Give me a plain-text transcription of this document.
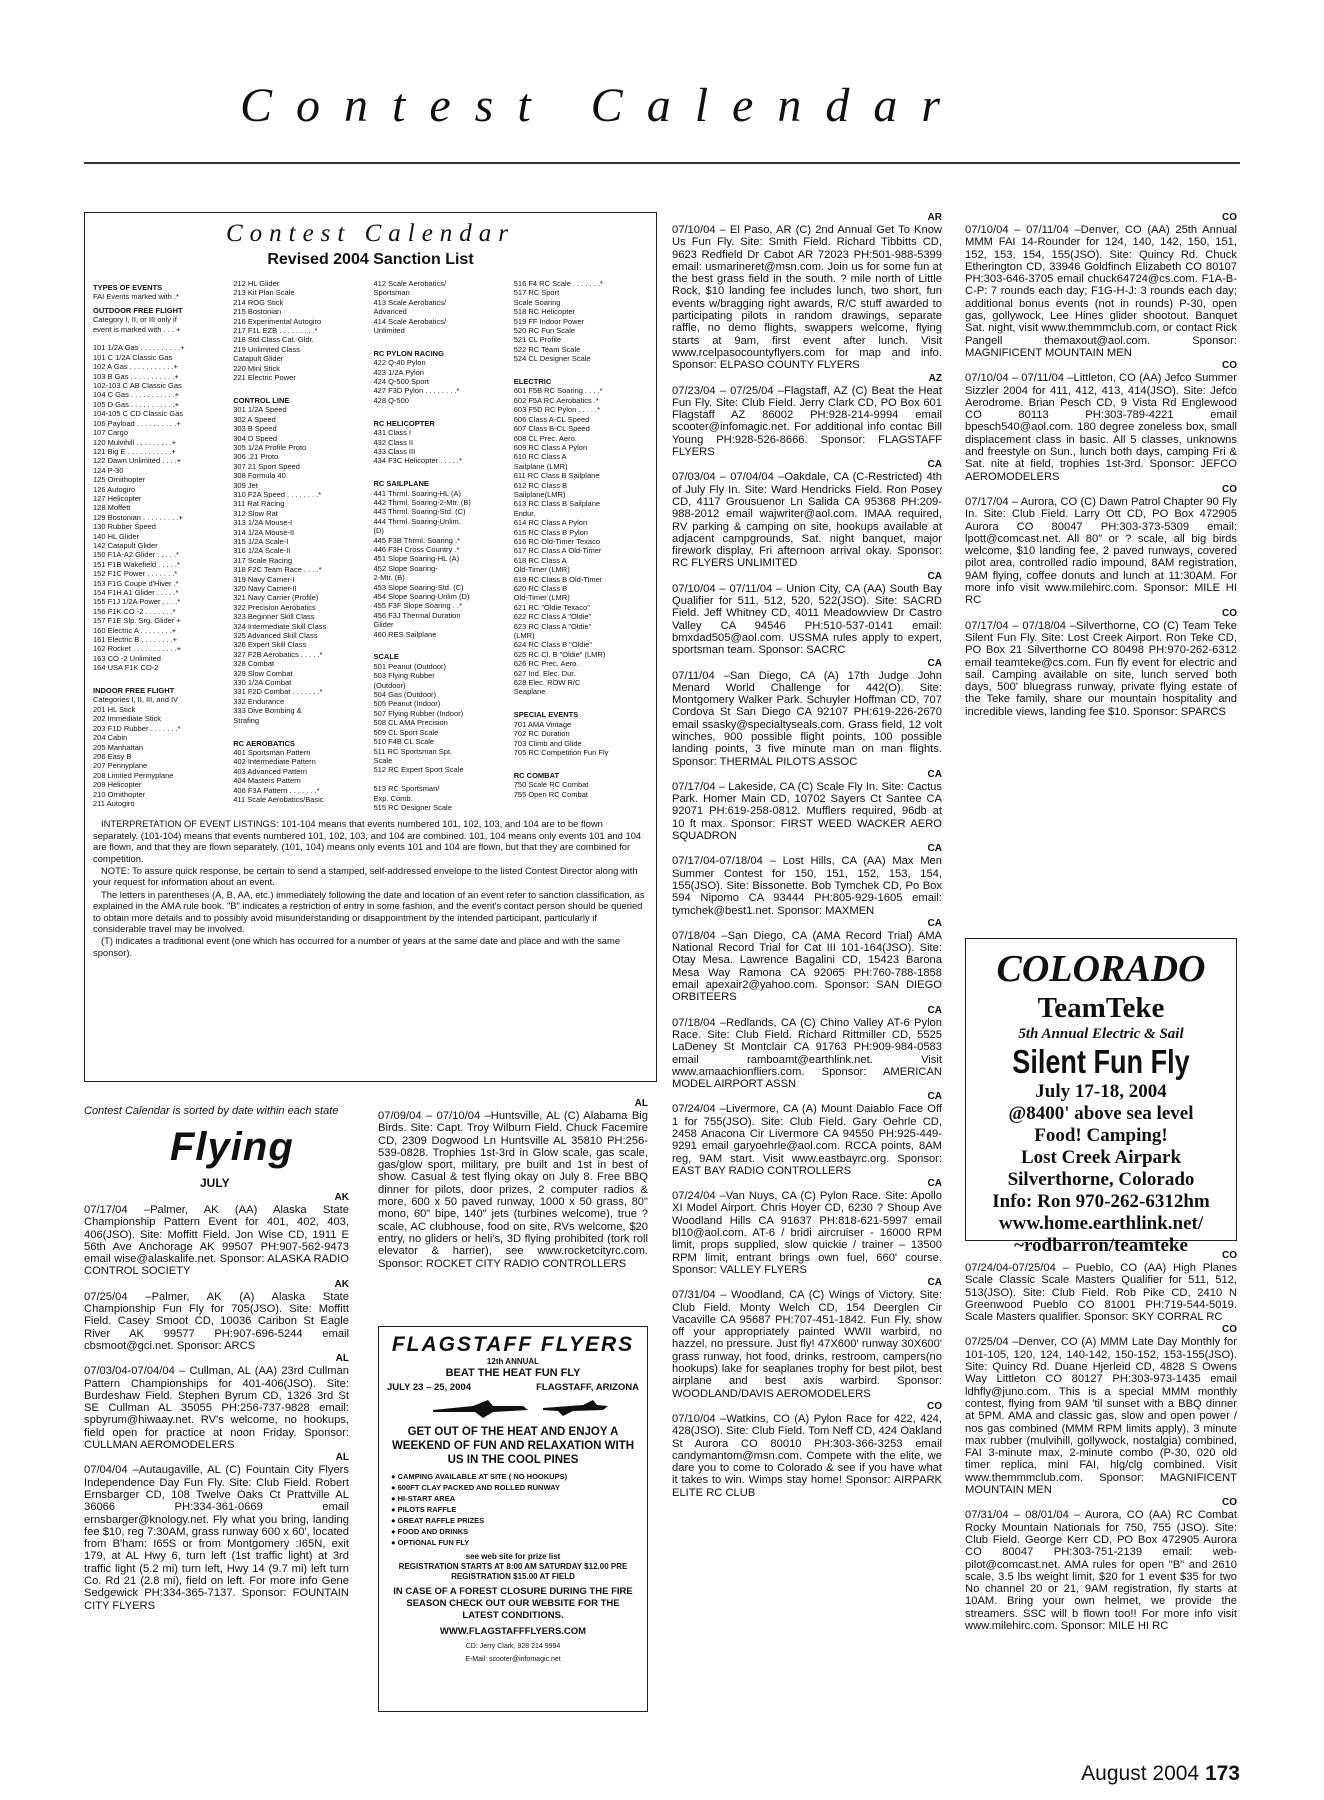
Contest Calendar
Contest Calendar
Revised 2004 Sanction List
TYPES OF EVENTS
FAI Events marked with .*
OUTDOOR FREE FLIGHT
Category I, II, or III only if
event is marked with . . . +

101 1/2A Gas . . . . . . . . . .+
101 C 1/2A Classic Gas
102 A Gas . . . . . . . . . . .+
103 B Gas . . . . . . . . . . .+
102-103 C AB Classic Gas
104 C Gas . . . . . . . . . . .+
105 D Gas . . . . . . . . . . .+
104-105 C CD Classic Gas
106 Payload . . . . . . . . . .+
107 Cargo
120 Mulvihill . . . . . . . . .+
121 Big E . . . . . . . . . . .+
122 Dawn Unlimited . . . .+
124 P-30
125 Ornithopter
126 Autogiro
127 Helicopter
128 Moffett
129 Bostonian . . . . . . . . .+
130 Rubber Speed
140 HL Glider
142 Catapult Glider
150 F1A-A2 Glider . . . . .*
151 F1B Wakefield . . . . .*
152 F1C Power . . . . . . .*
153 F1G Coupe d'Hiver .*
154 F1H A1 Glider . . . . .*
155 F1J 1/2A Power . . . .*
156 F1K CO -2 . . . . . . .*
157 F1E Slp. Srg. Glider +
160 Electric A . . . . . . . .+
161 Electric B . . . . . . . .+
162 Rocket . . . . . . . . . . .+
163 CO -2 Unlimited
164 USA F1K CO-2

INDOOR FREE FLIGHT
Categories I, II, III, and IV
201 HL Stick
202 Immediate Stick
203 F1D Rubber . . . . . . .*
204 Cabin
205 Manhattan
206 Easy B
207 Pennyplane
208 Limited Pennyplane
209 Helicopter
210 Ornithopter
211 Autogiro
212 HL Glider
213 Kit Plan Scale
214 ROG Stick
215 Bostonian
216 Experimental Autogiro
217 F1L EZB . . . . . . . . .*
218 Std Class Cat. Gldr.
219 Unlimited Class
Catapult Glider
220 Mini Stick
221 Electric Power

CONTROL LINE
301 1/2A Speed
302 A Speed
303 B Speed
304 D Speed
305 1/2A Profile Proto
306 .21 Proto
307 21 Sport Speed
308 Formula 40
309 Jet
310 F2A Speed . . . . . . . .*
311 Rat Racing
312 Slow Rat
313 1/2A Mouse-I
314 1/2A Mouse-II
315 1/2A Scale-I
316 1/2A Scale-II
317 Scale Racing
318 F2C Team Race . . . .*
319 Navy Carrier-I
320 Navy Carrier-II
321 Navy Carrier (Profile)
322 Precision Aerobatics
323 Beginner Skill Class
324 Intermediate Skill Class
325 Advanced Skill Class
326 Expert Skill Class
327 F2B Aerobatics . . . . .*
328 Combat
329 Slow Combat
330 1/2A Combat
331 F2D Combat . . . . . . .*
332 Endurance
333 Dive Bombing &
Strafing

RC AEROBATICS
401 Sportsman Pattern
402 Intermediate Pattern
403 Advanced Pattern
404 Masters Pattern
406 F3A Pattern . . . . . . .*
411 Scale Aerobatics/Basic
412 Scale Aerobatics/
Sportsman
413 Scale Aerobatics/
Advanced
414 Scale Aerobatics/
Unlimited

RC PYLON RACING
422 Q-40 Pylon
423 1/2A Pylon
424 Q-500 Sport
427 F3D Pylon . . . . . . . .*
428 Q-500

RC HELICOPTER
431 Class I
432 Class II
433 Class III
434 F3C Helicopter . . . . .*

RC SAILPLANE
441 Thrml. Soaring-HL (A)
442 Thrml. Soaring-2-Mtr. (B)
443 Thrml. Soaring-Std. (C)
444 Thrml. Soaring-Unlim.
(D)
445 F3B Thrml. Soaring .*
446 F3H Cross Country .*
451 Slope Soaring-HL (A)
452 Slope Soaring-
2-Mtr. (B)
453 Slope Soaring-Std. (C)
454 Slope Soaring-Unlim (D)
455 F3F Slope Soaring . .*
456 F3J Thermal Duration
Glider
460 RES Sailplane

SCALE
501 Peanut (Outdoor)
503 Flying Rubber
(Outdoor)
504 Gas (Outdoor)
505 Peanut (Indoor)
507 Flying Rubber (Indoor)
508 CL AMA Precision
509 CL Sport Scale
510 F4B CL Scale
511 RC Sportsman Spt.
Scale
512 RC Expert Sport Scale

513 RC Sportsman/
Exp. Comb.
515 RC Designer Scale
516 F4 RC Scale . . . . . . .*
517 RC Sport
Scale Soaring
518 RC Helicopter
519 FF Indoor Power
520 RC Fun Scale
521 CL Profile
522 RC Team Scale
524 CL Designer Scale

ELECTRIC
601 F5B RC Soaring . . . .*
602 F5A RC Aerobatics .*
603 F5D RC Pylon . . . . .*
606 Class A-CL Speed
607 Class B-CL Speed
608 CL Prec. Aero.
609 RC Class A Pylon
610 RC Class A
Sailplane (LMR)
611 RC Class B Sailplane
612 RC Class B
Sailplane(LMR)
613 RC Class B Sailplane
Endur.
614 RC Class A Pylon
615 RC Class B Pylon
616 RC Old-Timer Texaco
617 RC Class A Old-Timer
618 RC Class A
Old-Timer (LMR)
619 RC Class B Old-Timer
620 RC Class B
Old-Timer (LMR)
621 RC "Oldie Texaco"
622 RC Class A "Oldie"
623 RC Class A "Oldie"
(LMR)
624 RC Class B "Oldie"
625 RC Cl. B "Oldie" (LMR)
626 RC Prec. Aero.
627 Ind. Elec. Dur.
628 Elec. ROW R/C
Seaplane

SPECIAL EVENTS
701 AMA Vintage
702 RC Duration
703 Climb and Glide
705 RC Competition Fun Fly

RC COMBAT
750 Scale RC Combat
755 Open RC Combat

INTERPRETATION OF EVENT LISTINGS: 101-104 means that events numbered 101, 102, 103, and 104 are to be flown separately. (101-104) means that events numbered 101, 102, 103, and 104 are combined. 101, 104 means only events 101 and 104 are flown, and that they are flown separately. (101, 104) means only events 101 and 104 are flown, but that they are combined for competition.

NOTE: To assure quick response, be certain to send a stamped, self-addressed envelope to the listed Contest Director along with your request for information about an event.

The letters in parentheses (A, B, AA, etc.) immediately following the date and location of an event refer to sanction classification, as explained in the AMA rule book. "B" indicates a restriction of entry in some fashion, and the event's contact person should be queried to obtain more details and to possibly avoid misunderstanding or disappointment by the intended participant, particularly if considerable travel may be involved.

(T) indicates a traditional event (one which has occurred for a number of years at the same date and place and with the same sponsor).

Contest Calendar is sorted by date within each state
Flying
JULY
AK
07/17/04 –Palmer, AK (AA) Alaska State Championship Pattern Event for 401, 402, 403, 406(JSO). Site: Moffitt Field. Jon Wise CD, 1911 E 56th Ave Anchorage AK 99507 PH:907-562-9473 email wise@alaskalife.net. Sponsor: ALASKA RADIO CONTROL SOCIETY
AK
07/25/04 –Palmer, AK (A) Alaska State Championship Fun Fly for 705(JSO). Site: Moffitt Field. Casey Smoot CD, 10036 Caribon St Eagle River AK 99577 PH:907-696-5244 email cbsmoot@gci.net. Sponsor: ARCS
AL
07/03/04-07/04/04 – Cullman, AL (AA) 23rd Cullman Pattern Championships for 401-406(JSO). Site: Burdeshaw Field. Stephen Byrum CD, 1326 3rd St SE Cullman AL 35055 PH:256-737-9828 email: spbyrum@hiwaay.net. RV's welcome, no hookups, field open for practice at noon Friday. Sponsor: CULLMAN AEROMODELERS
AL
07/04/04 –Autaugaville, AL (C) Fountain City Flyers Independence Day Fun Fly. Site: Club Field. Robert Ernsbarger CD, 108 Twelve Oaks Ct Prattville AL 36066 PH:334-361-0669 email ernsbarger@knology.net. Fly what you bring, landing fee $10, reg 7:30AM, grass runway 600 x 60', located from B'ham: I65S or from Montgomery :I65N, exit 179, at AL Hwy 6, turn left (1st traffic light) at 3rd traffic light (5.2 mi) turn left, Hwy 14 (9.7 mi) left turn Co. Rd 21 (2.8 mi), field on left. For more info Gene Sedgewick PH:334-365-7137. Sponsor: FOUNTAIN CITY FLYERS
AL
07/09/04 – 07/10/04 –Huntsville, AL (C) Alabama Big Birds. Site: Capt. Troy Wilburn Field. Chuck Facemire CD, 2309 Dogwood Ln Huntsville AL 35810 PH:256-539-0828. Trophies 1st-3rd in Glow scale, gas scale, gas/glow sport, military, pre built and 1st in best of show. Casual & test flying okay on July 8. Free BBQ dinner for pilots, door prizes, 2 computer radios & more, 600 x 50 paved runway, 1000 x 50 grass, 80" mono, 60" bipe, 140" jets (turbines welcome), true ? scale, AC clubhouse, food on site, RVs welcome, $20 entry, no gliders or heli's, 3D flying prohibited (tork roll elevator & harrier), see www.rocketcityrc.com. Sponsor: ROCKET CITY RADIO CONTROLLERS
AR
07/10/04 – El Paso, AR (C) 2nd Annual Get To Know Us Fun Fly. Site: Smith Field. Richard Tibbitts CD, 9623 Redfield Dr Cabot AR 72023 PH:501-988-5399 email: usmarineret@msn.com. Join us for some fun at the best grass field in the south. ? mile north of Little Rock, $10 landing fee includes lunch, two short, fun events w/bragging right awards, R/C stuff awarded to participating pilots in random drawings, separate raffle, no demo flights, swappers welcome, flying starts at 9am, first event after lunch. Visit www.rcelpasocountyflyers.com for map and info. Sponsor: ELPASO COUNTY FLYERS
AZ
07/23/04 – 07/25/04 –Flagstaff, AZ (C) Beat the Heat Fun Fly. Site: Club Field. Jerry Clark CD, PO Box 601 Flagstaff AZ 86002 PH:928-214-9994 email scooter@infomagic.net. For additional info contac Bill Young PH:928-526-8666. Sponsor: FLAGSTAFF FLYERS
CA
07/03/04 – 07/04/04 –Oakdale, CA (C-Restricted) 4th of July Fly In. Site: Ward Hendricks Field. Ron Posey CD, 4117 Grousuenor Ln Salida CA 95368 PH:209-988-2012 email wajwriter@aol.com. IMAA required, RV parking & camping on site, hookups available at adjacent campgrounds, Sat. night banquet, major firework display, Fri afternoon arrival okay. Sponsor: RC FLYERS UNLIMITED
CA
07/10/04 – 07/11/04 – Union City, CA (AA) South Bay Qualifier for 511, 512, 520, 522(JSO). Site: SACRD Field. Jeff Whitney CD, 4011 Meadowview Dr Castro Valley CA 94546 PH:510-537-0141 email: bmxdad505@aol.com. USSMA rules apply to expert, sportsman team. Sponsor: SACRC
CA
07/11/04 –San Diego, CA (A) 17th Judge John Menard World Challenge for 442(O). Site: Montgomery Walker Park. Schuyler Hoffman CD, 707 Cordova St San Diego CA 92107 PH:619-226-2670 email ssasky@specialtyseals.com. Grass field, 12 volt winches, 900 possible flight points, 100 possible landing points, 3 five minute man on man flights. Sponsor: THERMAL PILOTS ASSOC
CA
07/17/04 – Lakeside, CA (C) Scale Fly In. Site: Cactus Park. Homer Main CD, 10702 Sayers Ct Santee CA 92071 PH:619-258-0812. Mufflers required, 96db at 10 ft max. Sponsor: FIRST WEED WACKER AERO SQUADRON
CA
07/17/04-07/18/04 – Lost Hills, CA (AA) Max Men Summer Contest for 150, 151, 152, 153, 154, 155(JSO). Site: Bissonette. Bob Tymchek CD, Po Box 594 Nipomo CA 93444 PH:805-929-1605 email: tymchek@best1.net. Sponsor: MAXMEN
CA
07/18/04 –San Diego, CA (AMA Record Trial) AMA National Record Trial for Cat III 101-164(JSO). Site: Otay Mesa. Lawrence Bagalini CD, 15423 Barona Mesa Way Ramona CA 92065 PH:760-788-1858 email apexair2@yahoo.com. Sponsor: SAN DIEGO ORBITEERS
CA
07/18/04 –Redlands, CA (C) Chino Valley AT-6 Pylon Race. Site: Club Field. Richard Rittmiller CD, 5525 LaDeney St Montclair CA 91763 PH:909-984-0583 email ramboamt@earthlink.net. Visit www.amaachionfliers.com. Sponsor: AMERICAN MODEL AIRPORT ASSN
CA
07/24/04 –Livermore, CA (A) Mount Daiablo Face Off 1 for 755(JSO). Site: Club Field. Gary Oehrle CD, 2458 Anacona Cir Livermore CA 94550 PH:925-449-9291 email garyoehrle@aol.com. RCCA points, 8AM reg, 9AM start. Visit www.eastbayrc.org. Sponsor: EAST BAY RADIO CONTROLLERS
CA
07/24/04 –Van Nuys, CA (C) Pylon Race. Site: Apollo XI Model Airport. Chris Hoyer CD, 6230 ? Shoup Ave Woodland Hills CA 91637 PH:818-621-5997 email bl10@aol.com. AT-6 / bridi aircruiser - 16000 RPM limit, props supplied, slow quickie / trainer – 13500 RPM limit, entrant brings own fuel, 660' course. Sponsor: VALLEY FLYERS
CA
07/31/04 – Woodland, CA (C) Wings of Victory. Site: Club Field. Monty Welch CD, 154 Deerglen Cir Vacaville CA 95687 PH:707-451-1842. Fun Fly, show off your appropriately painted WWII warbird, no hazzel, no pressure. Just fly! 47X600' runway 30X600' grass runway, hot food, drinks, restroom, campers(no hookups) lake for seaplanes trophy for best pilot, best airplane and best axis warbird. Sponsor: WOODLAND/DAVIS AEROMODELERS
CO
07/10/04 –Watkins, CO (A) Pylon Race for 422, 424, 428(JSO). Site: Club Field. Tom Neff CD, 424 Oakland St Aurora CO 80010 PH:303-366-3253 email candymantom@msn.com. Compete with the elite, we dare you to come to Colorado & see if you have what it takes to win. Wimps stay home! Sponsor: AIRPARK ELITE RC CLUB
CO
07/10/04 – 07/11/04 –Denver, CO (AA) 25th Annual MMM FAI 14-Rounder for 124, 140, 142, 150, 151, 152, 153, 154, 155(JSO). Site: Quincy Rd. Chuck Etherington CD, 33946 Goldfinch Elizabeth CO 80107 PH:303-646-3705 email chuck64724@cs.com. F1A-B-C-P: 7 rounds each day; F1G-H-J: 3 rounds each day; additional bonus events (not in rounds) P-30, open gas, gollywock, Lee Hines glider shootout. Banquet Sat. night, visit www.themmmclub.com, or contact Rick Pangell themaxout@aol.com. Sponsor: MAGNIFICENT MOUNTAIN MEN
CO
07/10/04 – 07/11/04 –Littleton, CO (AA) Jefco Summer Sizzler 2004 for 411, 412, 413, 414(JSO). Site: Jefco Aerodrome. Brian Pesch CD, 9 Vista Rd Englewood CO 80113 PH:303-789-4221 email bpesch540@aol.com. 180 degree zoneless box, small displacement class in basic. All 5 classes, unknowns and freestyle on Sun., lunch both days, camping Fri & Sat. nite at field, trophies 1st-3rd. Sponsor: JEFCO AEROMODELERS
CO
07/17/04 – Aurora, CO (C) Dawn Patrol Chapter 90 Fly In. Site: Club Field. Larry Ott CD, PO Box 472905 Aurora CO 80047 PH:303-373-5309 email: lpott@comcast.net. All 80" or ? scale, all big birds welcome, $10 landing fee, 2 paved runways, covered pilot area, controlled radio impound, 8AM registration, 9AM flying, coffee donuts and lunch at 11:30AM. For more info visit www.milehirc.com. Sponsor: MILE HI RC
CO
07/17/04 – 07/18/04 –Silverthorne, CO (C) Team Teke Silent Fun Fly. Site: Lost Creek Airport. Ron Teke CD, PO Box 21 Silverthorne CO 80498 PH:970-262-6312 email teamteke@cs.com. Fun fly event for electric and sail. Camping available on site, lunch served both days, 500' bluegrass runway, private flying estate of the Teke family, share our mountain hospitality and incredible views, landing fee $10. Sponsor: SPARCS
CO
07/24/04-07/25/04 – Pueblo, CO (AA) High Planes Scale Classic Scale Masters Qualifier for 511, 512, 513(JSO). Site: Club Field. Rob Pike CD, 2410 N Greenwood Pueblo CO 81001 PH:719-544-5019. Scale Masters qualifier. Sponsor: SKY CORRAL RC
CO
07/25/04 –Denver, CO (A) MMM Late Day Monthly for 101-105, 120, 124, 140-142, 150-152, 153-155(JSO). Site: Quincy Rd. Duane Hjerleid CD, 4828 S Owens Way Littleton CO 80127 PH:303-973-1435 email ldhfly@juno.com. This is a special MMM monthly contest, flying from 9AM 'til sunset with a BBQ dinner at 5PM. AMA and classic gas, slow and open power / nos gas combined (MMM RPM limits apply), 3 minute max rubber (mulvihill, gollywock, nostalgia) combined, FAI 3-minute max, 2-minute combo (P-30, 020 old timer replica, mini FAI, hlg/clg combined. Visit www.themmmclub.com. Sponsor: MAGNIFICENT MOUNTAIN MEN
CO
07/31/04 – 08/01/04 – Aurora, CO (AA) RC Combat Rocky Mountain Nationals for 750, 755 (JSO). Site: Club Field. George Kerr CD, PO Box 472905 Aurora CO 80047 PH:303-751-2139 email: web-pilot@comcast.net. AMA rules for open "B" and 2610 scale, 3.5 lbs weight limit, $20 for 1 event $35 for two No channel 20 or 21, 9AM registration, fly starts at 10AM. Bring your own helmet, we provide the streamers. SSC will b flown too!! For more info visit www.milehirc.com. Sponsor: MILE HI RC
FLAGSTAFF FLYERS
12th ANNUAL
BEAT THE HEAT FUN FLY
JULY 23 – 25, 2004	FLAGSTAFF, ARIZONA
GET OUT OF THE HEAT AND ENJOY A WEEKEND OF FUN AND RELAXATION WITH US IN THE COOL PINES
● CAMPING AVAILABLE AT SITE ( NO HOOKUPS)
● 600FT CLAY PACKED AND ROLLED RUNWAY
● HI-START AREA
● PILOTS RAFFLE
● GREAT RAFFLE PRIZES
● FOOD AND DRINKS
● OPTIONAL FUN FLY
see web site for prize list
REGISTRATION STARTS AT 8:00 AM SATURDAY $12.00 PRE REGISTRATION $15.00 AT FIELD
IN CASE OF A FOREST CLOSURE DURING THE FIRE SEASON CHECK OUT OUR WEBSITE FOR THE LATEST CONDITIONS.
WWW.FLAGSTAFFFLYERS.COM
CD: Jerry Clark, 928 214 9994
E-Mail: scooter@infomagic.net
COLORADO
TeamTeke
5th Annual Electric & Sail
Silent Fun Fly
July 17-18, 2004
@8400' above sea level
Food! Camping!
Lost Creek Airpark
Silverthorne, Colorado
Info: Ron 970-262-6312hm
www.home.earthlink.net/
~rodbarron/teamteke
August 2004 173
